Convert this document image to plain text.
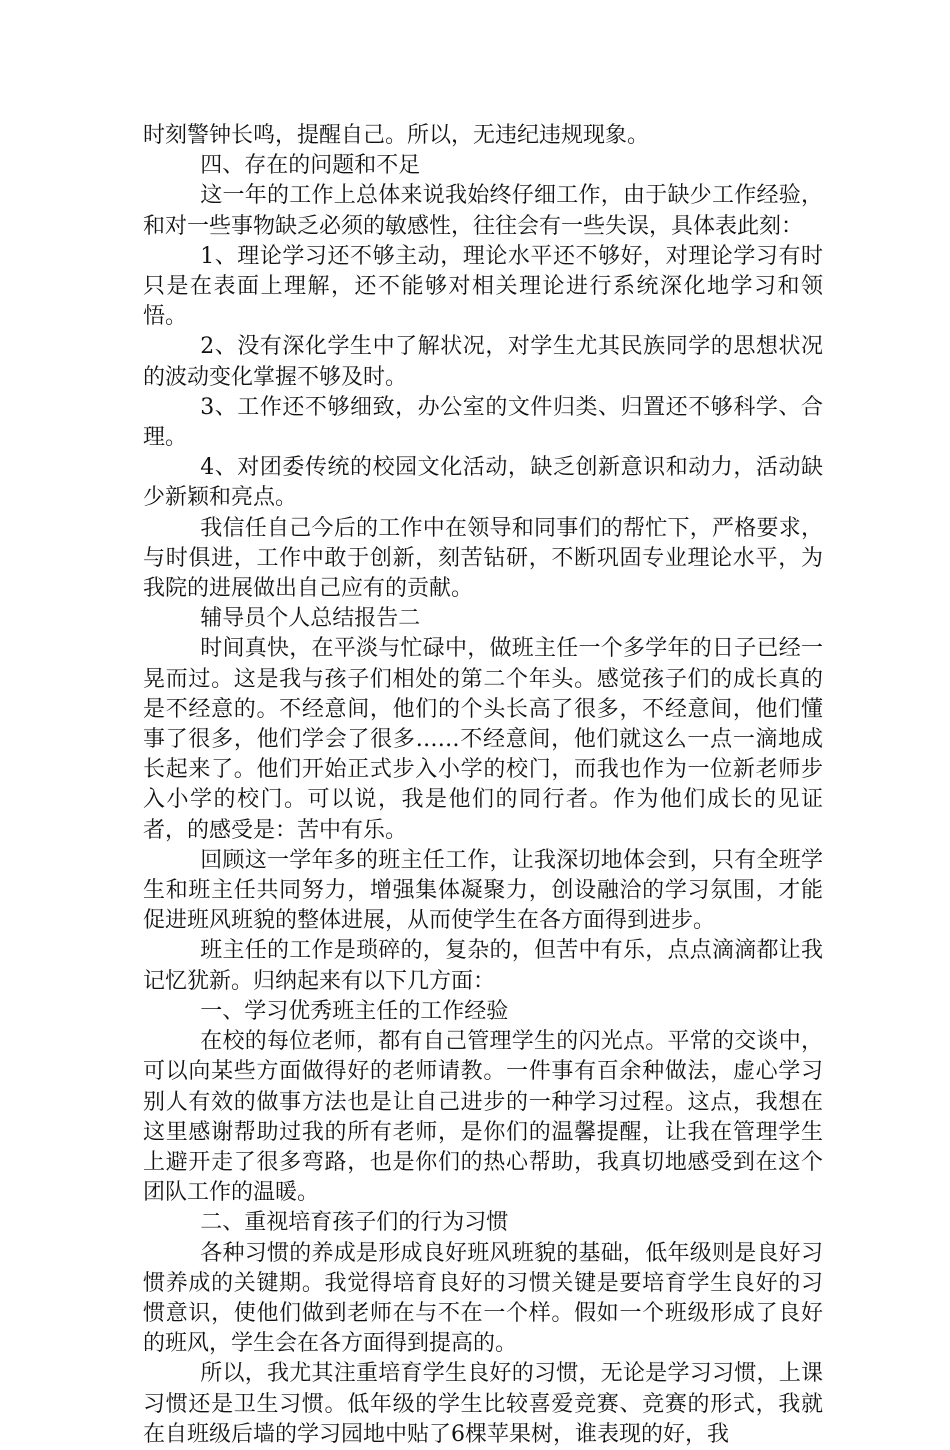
时刻警钟长鸣，提醒自己。所以，无违纪违规现象。

四、存在的问题和不足

这一年的工作上总体来说我始终仔细工作，由于缺少工作经验，和对一些事物缺乏必须的敏感性，往往会有一些失误，具体表此刻：

1、理论学习还不够主动，理论水平还不够好，对理论学习有时只是在表面上理解，还不能够对相关理论进行系统深化地学习和领悟。

2、没有深化学生中了解状况，对学生尤其民族同学的思想状况的波动变化掌握不够及时。

3、工作还不够细致，办公室的文件归类、归置还不够科学、合理。

4、对团委传统的校园文化活动，缺乏创新意识和动力，活动缺少新颖和亮点。

我信任自己今后的工作中在领导和同事们的帮忙下，严格要求，与时俱进，工作中敢于创新，刻苦钻研，不断巩固专业理论水平，为我院的进展做出自己应有的贡献。

辅导员个人总结报告二

时间真快，在平淡与忙碌中，做班主任一个多学年的日子已经一晃而过。这是我与孩子们相处的第二个年头。感觉孩子们的成长真的是不经意的。不经意间，他们的个头长高了很多，不经意间，他们懂事了很多，他们学会了很多……不经意间，他们就这么一点一滴地成长起来了。他们开始正式步入小学的校门，而我也作为一位新老师步入小学的校门。可以说，我是他们的同行者。作为他们成长的见证者，的感受是：苦中有乐。

回顾这一学年多的班主任工作，让我深切地体会到，只有全班学生和班主任共同努力，增强集体凝聚力，创设融洽的学习氛围，才能促进班风班貌的整体进展，从而使学生在各方面得到进步。

班主任的工作是琐碎的，复杂的，但苦中有乐，点点滴滴都让我记忆犹新。归纳起来有以下几方面：

一、学习优秀班主任的工作经验

在校的每位老师，都有自己管理学生的闪光点。平常的交谈中，可以向某些方面做得好的老师请教。一件事有百余种做法，虚心学习别人有效的做事方法也是让自己进步的一种学习过程。这点，我想在这里感谢帮助过我的所有老师，是你们的温馨提醒，让我在管理学生上避开走了很多弯路，也是你们的热心帮助，我真切地感受到在这个团队工作的温暖。

二、重视培育孩子们的行为习惯

各种习惯的养成是形成良好班风班貌的基础，低年级则是良好习惯养成的关键期。我觉得培育良好的习惯关键是要培育学生良好的习惯意识，使他们做到老师在与不在一个样。假如一个班级形成了良好的班风，学生会在各方面得到提高的。

所以，我尤其注重培育学生良好的习惯，无论是学习习惯，上课习惯还是卫生习惯。低年级的学生比较喜爱竞赛、竞赛的形式，我就在自班级后墙的学习园地中贴了6棵苹果树，谁表现的好，我
